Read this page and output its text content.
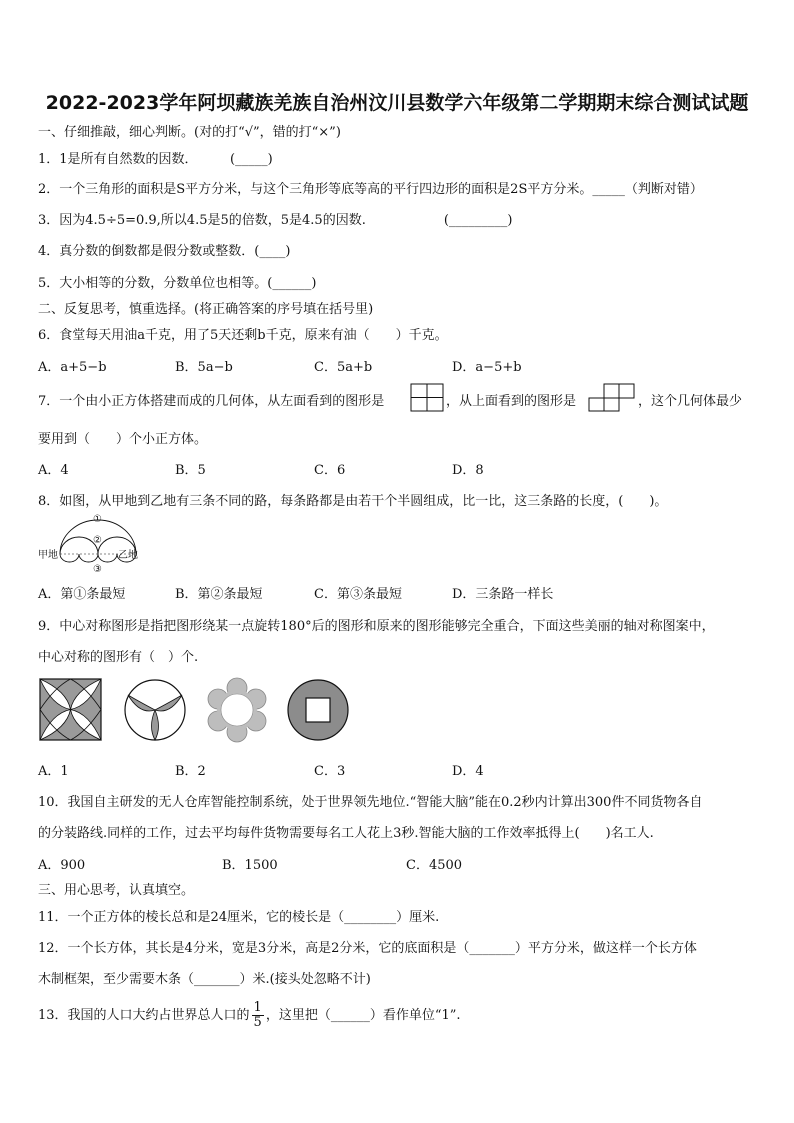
2022-2023学年阿坝藏族羌族自治州汶川县数学六年级第二学期期末综合测试试题
一、仔细推敲，细心判断。(对的打“√”，错的打“×”)
1．1是所有自然数的因数．　　　(_____)
2．一个三角形的面积是S平方分米，与这个三角形等底等高的平行四边形的面积是2S平方分米。_____（判断对错）
3．因为4.5÷5=0.9,所以4.5是5的倍数，5是4.5的因数.　　　　　　(_________)
4．真分数的倒数都是假分数或整数．(____)
5．大小相等的分数，分数单位也相等。(______)
二、反复思考，慎重选择。(将正确答案的序号填在括号里)
6．食堂每天用油a千克，用了5天还剩b千克，原来有油（　　）千克。
A．a+5−b	B．5a−b	C．5a+b	D．a−5+b
7．一个由小正方体搭建而成的几何体，从左面看到的图形是	，从上面看到的图形是	，这个几何体最少
要用到（　　）个小正方体。
A．4	B．5	C．6	D．8
8．如图，从甲地到乙地有三条不同的路，每条路都是由若干个半圆组成，比一比，这三条路的长度，(　　)。
甲地	乙地
①
②
③
A．第①条最短	B．第②条最短	C．第③条最短	D．三条路一样长
9．中心对称图形是指把图形绕某一点旋转180°后的图形和原来的图形能够完全重合，下面这些美丽的轴对称图案中，
中心对称的图形有（　）个.
A．1	B．2	C．3	D．4
10．我国自主研发的无人仓库智能控制系统，处于世界领先地位.“智能大脑”能在0.2秒内计算出300件不同货物各自
的分装路线.同样的工作，过去平均每件货物需要每名工人花上3秒.智能大脑的工作效率抵得上(　　)名工人.
A．900	B．1500	C．4500
三、用心思考，认真填空。
11．一个正方体的棱长总和是24厘米，它的棱长是（________）厘米.
12．一个长方体，其长是4分米，宽是3分米，高是2分米，它的底面积是（_______）平方分米，做这样一个长方体
木制框架，至少需要木条（_______）米.(接头处忽略不计)
13．我国的人口大约占世界总人口的 $\frac{1}{5}$ ，这里把（______）看作单位“1”.
